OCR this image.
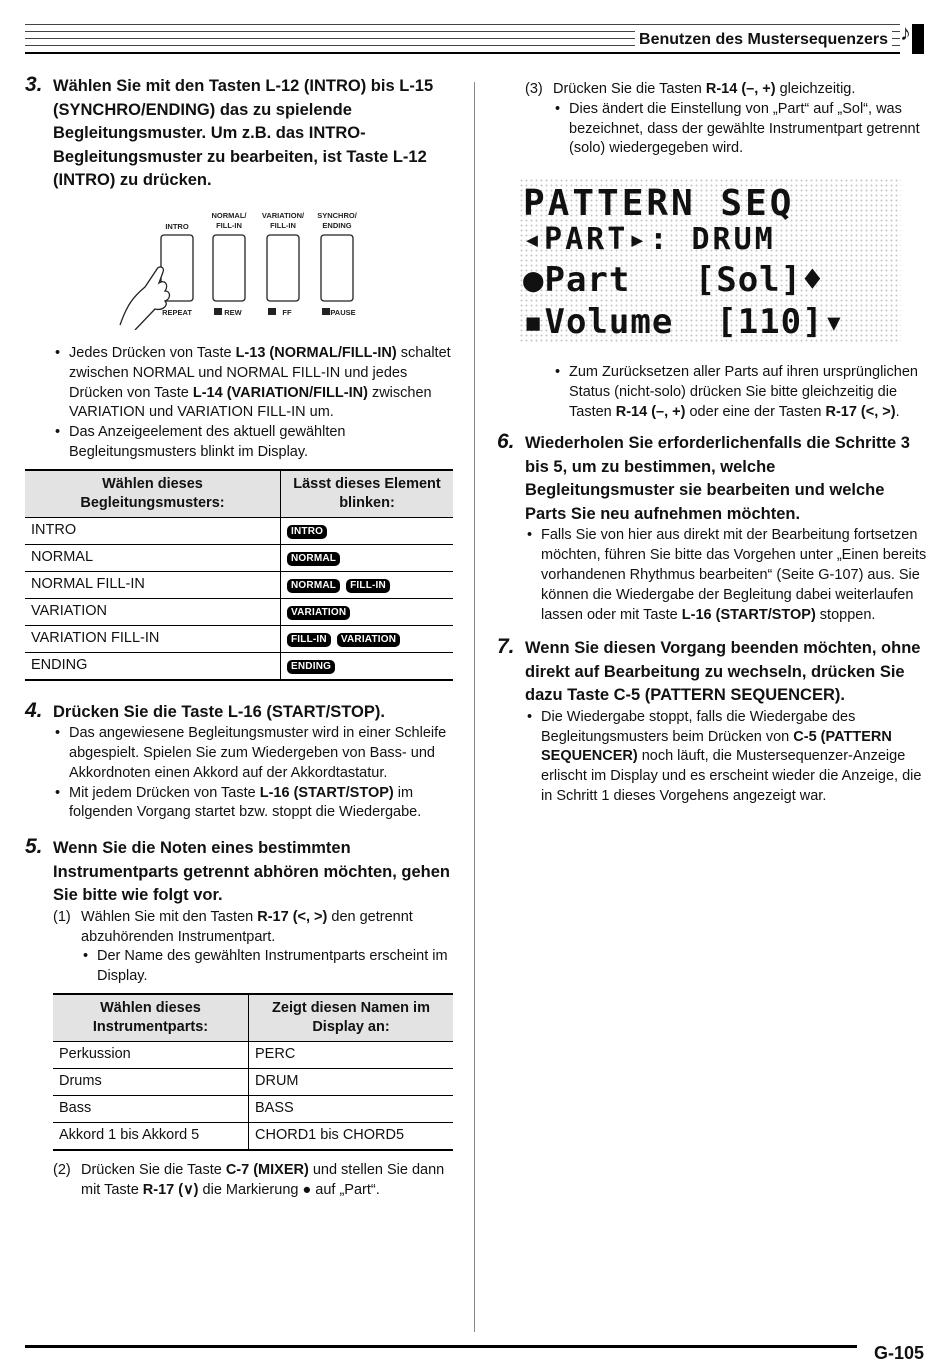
Benutzen des Mustersequenzers ♪
3. Wählen Sie mit den Tasten L-12 (INTRO) bis L-15 (SYNCHRO/ENDING) das zu spielende Begleitungsmuster. Um z.B. das INTRO-Begleitungsmuster zu bearbeiten, ist Taste L-12 (INTRO) zu drücken.
INTRO
NORMAL/
FILL-IN
VARIATION/
FILL-IN
SYNCHRO/
ENDING
REPEAT	REW	FF	PAUSE
• Jedes Drücken von Taste L-13 (NORMAL/FILL-IN) schaltet zwischen NORMAL und NORMAL FILL-IN und jedes Drücken von Taste L-14 (VARIATION/FILL-IN) zwischen VARIATION und VARIATION FILL-IN um.
• Das Anzeigeelement des aktuell gewählten Begleitungsmusters blinkt im Display.
Wählen dieses Begleitungsmusters:	Lässt dieses Element blinken:
INTRO	INTRO
NORMAL	NORMAL
NORMAL FILL-IN	NORMAL FILL-IN
VARIATION	VARIATION
VARIATION FILL-IN	FILL-IN VARIATION
ENDING	ENDING
4. Drücken Sie die Taste L-16 (START/STOP).
• Das angewiesene Begleitungsmuster wird in einer Schleife abgespielt. Spielen Sie zum Wiedergeben von Bass- und Akkordnoten einen Akkord auf der Akkordtastatur.
• Mit jedem Drücken von Taste L-16 (START/STOP) im folgenden Vorgang startet bzw. stoppt die Wiedergabe.
5. Wenn Sie die Noten eines bestimmten Instrumentparts getrennt abhören möchten, gehen Sie bitte wie folgt vor.
(1) Wählen Sie mit den Tasten R-17 (<, >) den getrennt abzuhörenden Instrumentpart.
• Der Name des gewählten Instrumentparts erscheint im Display.
Wählen dieses Instrumentparts:	Zeigt diesen Namen im Display an:
Perkussion	PERC
Drums	DRUM
Bass	BASS
Akkord 1 bis Akkord 5	CHORD1 bis CHORD5
(2) Drücken Sie die Taste C-7 (MIXER) und stellen Sie dann mit Taste R-17 (∨) die Markierung ● auf „Part“.
(3) Drücken Sie die Tasten R-14 (–, +) gleichzeitig.
• Dies ändert die Einstellung von „Part“ auf „Sol“, was bezeichnet, dass der gewählte Instrumentpart getrennt (solo) wiedergegeben wird.
PATTERN SEQ
◂PART▸: DRUM
●Part   [Sol]♦
▪Volume  [110]▾
• Zum Zurücksetzen aller Parts auf ihren ursprünglichen Status (nicht-solo) drücken Sie bitte gleichzeitig die Tasten R-14 (–, +) oder eine der Tasten R-17 (<, >).
6. Wiederholen Sie erforderlichenfalls die Schritte 3 bis 5, um zu bestimmen, welche Begleitungsmuster sie bearbeiten und welche Parts Sie neu aufnehmen möchten.
• Falls Sie von hier aus direkt mit der Bearbeitung fortsetzen möchten, führen Sie bitte das Vorgehen unter „Einen bereits vorhandenen Rhythmus bearbeiten“ (Seite G-107) aus. Sie können die Wiedergabe der Begleitung dabei weiterlaufen lassen oder mit Taste L-16 (START/STOP) stoppen.
7. Wenn Sie diesen Vorgang beenden möchten, ohne direkt auf Bearbeitung zu wechseln, drücken Sie dazu Taste C-5 (PATTERN SEQUENCER).
• Die Wiedergabe stoppt, falls die Wiedergabe des Begleitungsmusters beim Drücken von C-5 (PATTERN SEQUENCER) noch läuft, die Mustersequenzer-Anzeige erlischt im Display und es erscheint wieder die Anzeige, die in Schritt 1 dieses Vorgehens angezeigt war.
G-105
